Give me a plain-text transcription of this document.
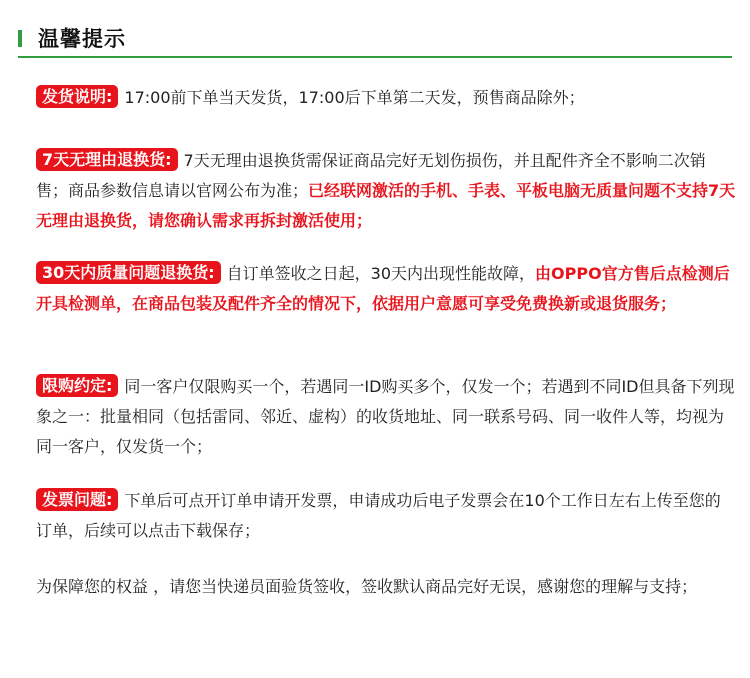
温馨提示
发货说明: 17:00前下单当天发货，17:00后下单第二天发，预售商品除外；
7天无理由退换货: 7天无理由退换货需保证商品完好无划伤损伤，并且配件齐全不影响二次销售；商品参数信息请以官网公布为准；已经联网激活的手机、手表、平板电脑无质量问题不支持7天无理由退换货，请您确认需求再拆封激活使用；
30天内质量问题退换货: 自订单签收之日起，30天内出现性能故障，由OPPO官方售后点检测后开具检测单，在商品包装及配件齐全的情况下，依据用户意愿可享受免费换新或退货服务；
限购约定: 同一客户仅限购买一个，若遇同一ID购买多个，仅发一个；若遇到不同ID但具备下列现象之一：批量相同（包括雷同、邻近、虚构）的收货地址、同一联系号码、同一收件人等，均视为同一客户，仅发货一个；
发票问题: 下单后可点开订单申请开发票，申请成功后电子发票会在10个工作日左右上传至您的订单，后续可以点击下载保存；
为保障您的权益 ，请您当快递员面验货签收，签收默认商品完好无误，感谢您的理解与支持；
